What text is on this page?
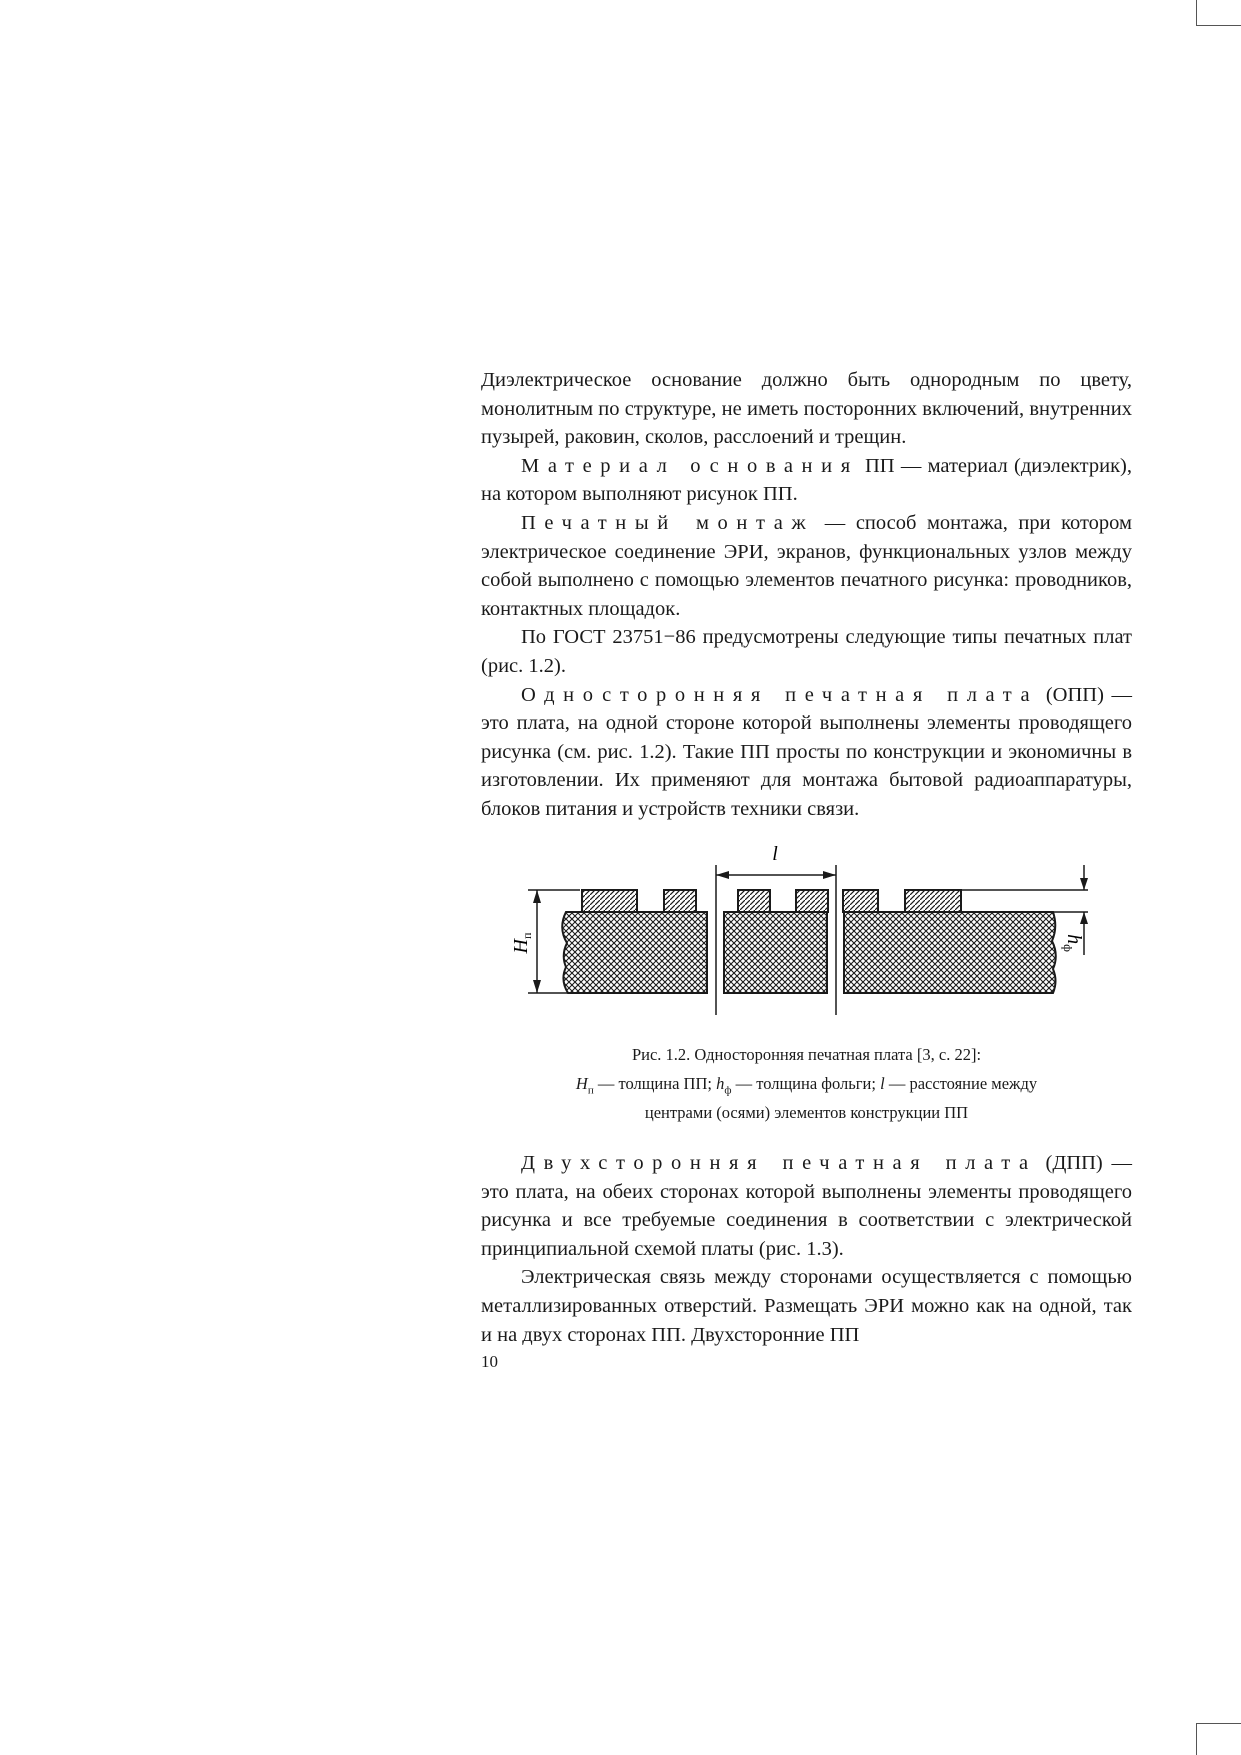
Диэлектрическое основание должно быть однородным по цвету, монолитным по структуре, не иметь посторонних включений, внутренних пузырей, раковин, сколов, расслоений и трещин.

Материал основания ПП — материал (диэлектрик), на котором выполняют рисунок ПП.

Печатный монтаж — способ монтажа, при котором электрическое соединение ЭРИ, экранов, функциональных узлов между собой выполнено с помощью элементов печатного рисунка: проводников, контактных площадок.

По ГОСТ 23751−86 предусмотрены следующие типы печатных плат (рис. 1.2).

Односторонняя печатная плата (ОПП) — это плата, на одной стороне которой выполнены элементы проводящего рисунка (см. рис. 1.2). Такие ПП просты по конструкции и экономичны в изготовлении. Их применяют для монтажа бытовой радиоаппаратуры, блоков питания и устройств техники связи.

l
$H_п$	$h_ф$
Рис. 1.2. Односторонняя печатная плата [3, с. 22]:
$H_п$ — толщина ПП; $h_ф$ — толщина фольги; l — расстояние между
центрами (осями) элементов конструкции ПП

Двухсторонняя печатная плата (ДПП) — это плата, на обеих сторонах которой выполнены элементы проводящего рисунка и все требуемые соединения в соответствии с электрической принципиальной схемой платы (рис. 1.3).

Электрическая связь между сторонами осуществляется с помощью металлизированных отверстий. Размещать ЭРИ можно как на одной, так и на двух сторонах ПП. Двухсторонние ПП

10
